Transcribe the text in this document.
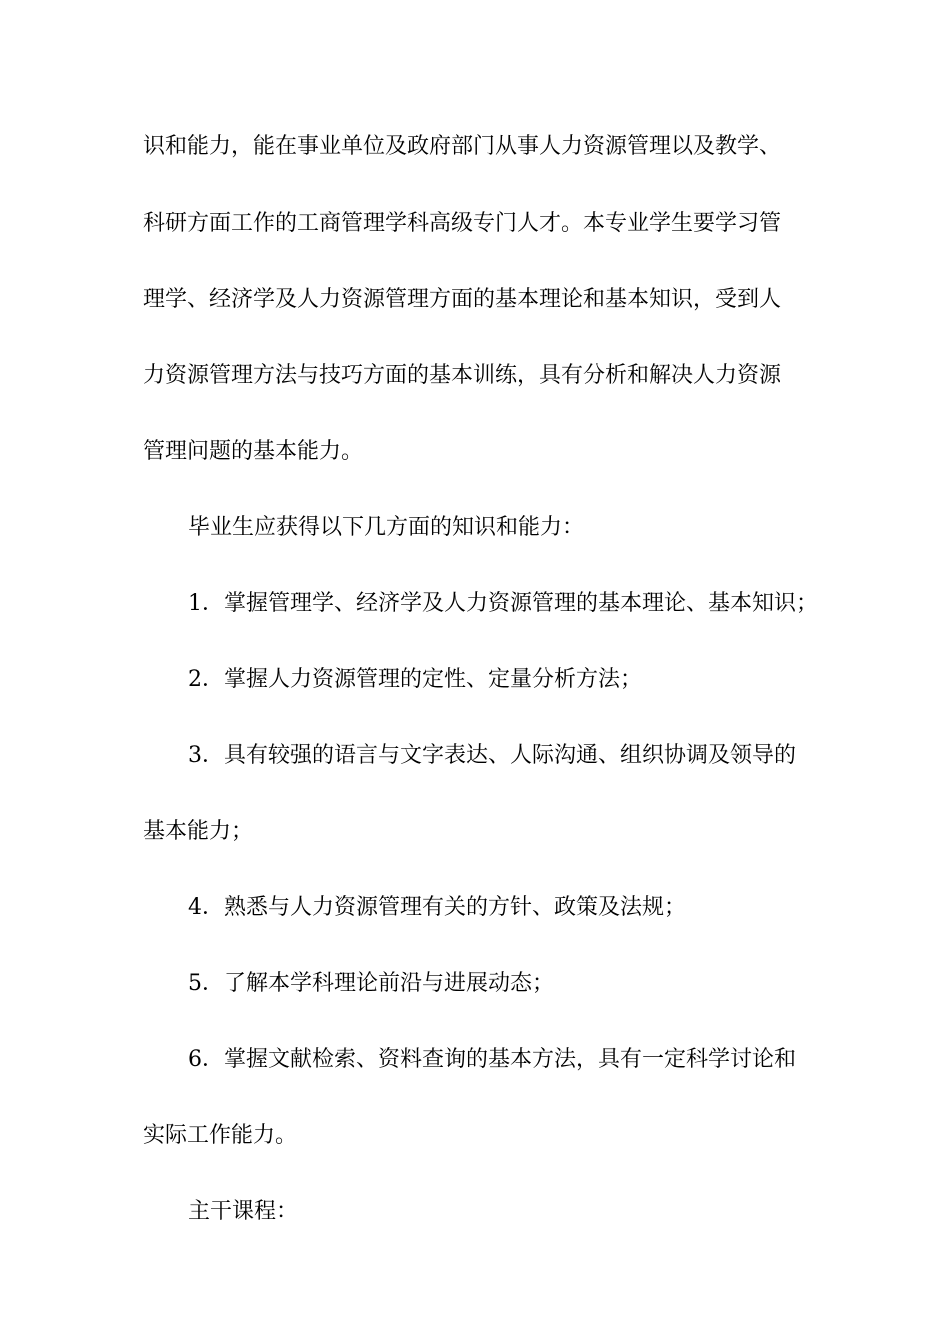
识和能力，能在事业单位及政府部门从事人力资源管理以及教学、
科研方面工作的工商管理学科高级专门人才。本专业学生要学习管
理学、经济学及人力资源管理方面的基本理论和基本知识，受到人
力资源管理方法与技巧方面的基本训练，具有分析和解决人力资源
管理问题的基本能力。
毕业生应获得以下几方面的知识和能力：
1．掌握管理学、经济学及人力资源管理的基本理论、基本知识；
2．掌握人力资源管理的定性、定量分析方法；
3．具有较强的语言与文字表达、人际沟通、组织协调及领导的
基本能力；
4．熟悉与人力资源管理有关的方针、政策及法规；
5．了解本学科理论前沿与进展动态；
6．掌握文献检索、资料查询的基本方法，具有一定科学讨论和
实际工作能力。
主干课程：
